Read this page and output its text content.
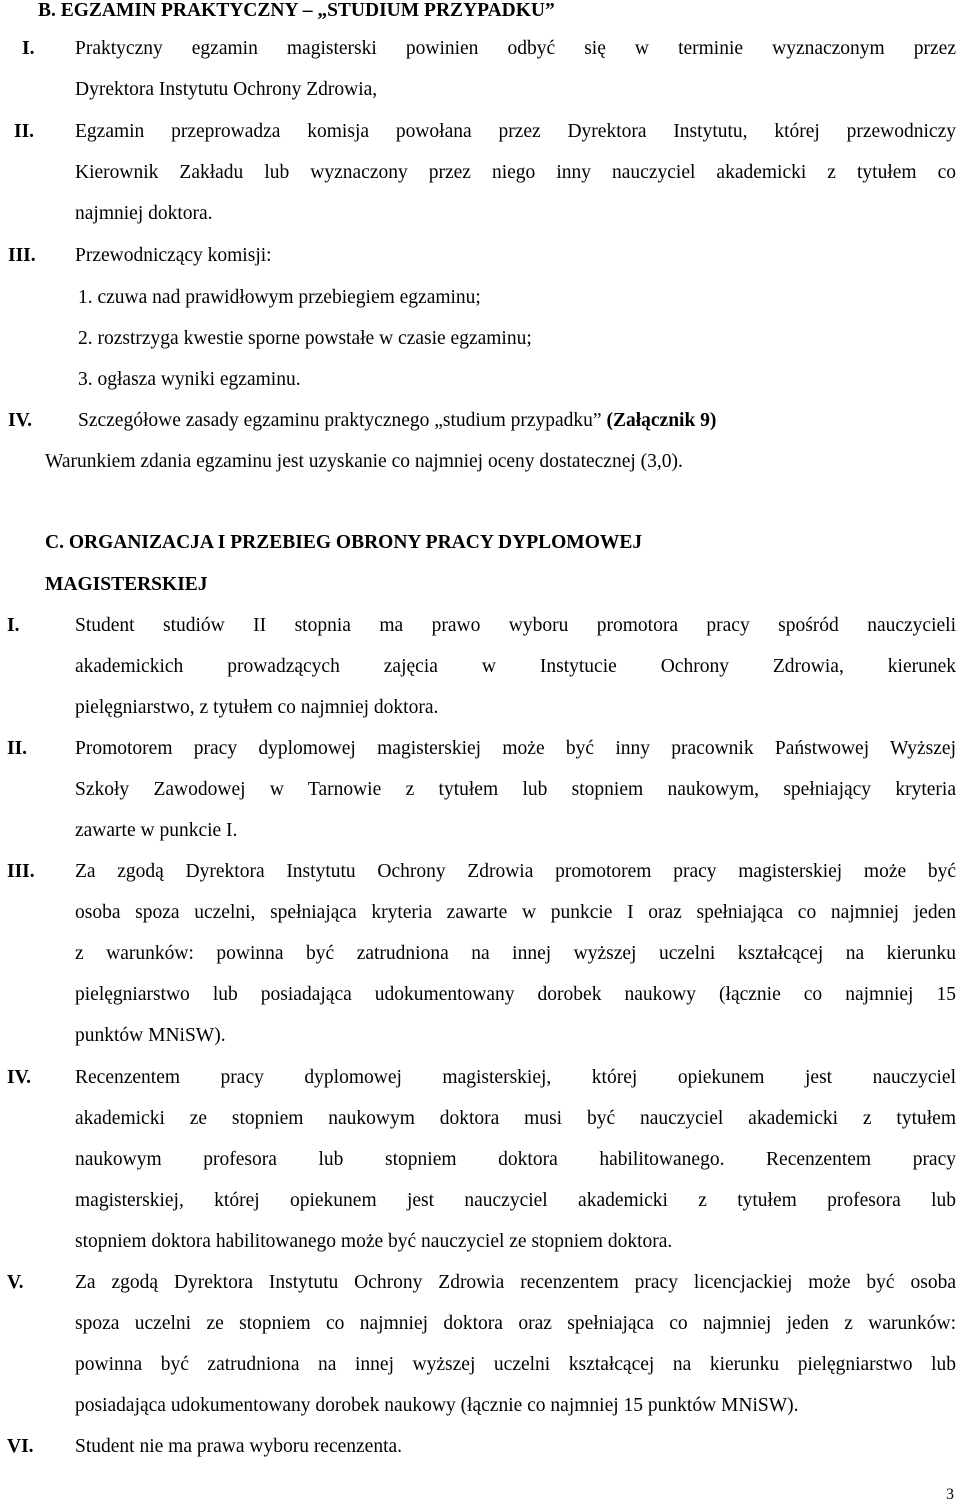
B. EGZAMIN PRAKTYCZNY – „STUDIUM PRZYPADKU”
I. Praktyczny egzamin magisterski powinien odbyć się w terminie wyznaczonym przez
Dyrektora Instytutu Ochrony Zdrowia,
II. Egzamin przeprowadza komisja powołana przez Dyrektora Instytutu, której przewodniczy
Kierownik Zakładu lub wyznaczony przez niego inny nauczyciel akademicki z tytułem co
najmniej doktora.
III. Przewodniczący komisji:
1. czuwa nad prawidłowym przebiegiem egzaminu;
2. rozstrzyga kwestie sporne powstałe w czasie egzaminu;
3. ogłasza wyniki egzaminu.
IV. Szczegółowe zasady egzaminu praktycznego „studium przypadku” (Załącznik 9)
Warunkiem zdania egzaminu jest uzyskanie co najmniej oceny dostatecznej (3,0).
C. ORGANIZACJA I PRZEBIEG OBRONY PRACY DYPLOMOWEJ
MAGISTERSKIEJ
I.	Student studiów II stopnia ma prawo wyboru promotora pracy spośród nauczycieli
akademickich prowadzących zajęcia w Instytucie Ochrony Zdrowia, kierunek
pielęgniarstwo, z tytułem co najmniej doktora.
II. Promotorem pracy dyplomowej magisterskiej może być inny pracownik Państwowej Wyższej
Szkoły Zawodowej w Tarnowie z tytułem lub stopniem naukowym, spełniający kryteria
zawarte w punkcie I.
III. Za zgodą Dyrektora Instytutu Ochrony Zdrowia promotorem pracy magisterskiej może być
osoba spoza uczelni, spełniająca kryteria zawarte w punkcie I oraz spełniająca co najmniej jeden
z warunków: powinna być zatrudniona na innej wyższej uczelni kształcącej na kierunku
pielęgniarstwo lub posiadająca udokumentowany dorobek naukowy (łącznie co najmniej 15
punktów MNiSW).
IV. Recenzentem pracy dyplomowej magisterskiej, której opiekunem jest nauczyciel
akademicki ze stopniem naukowym doktora musi być nauczyciel akademicki z tytułem
naukowym profesora lub stopniem doktora habilitowanego. Recenzentem pracy
magisterskiej, której opiekunem jest nauczyciel akademicki z tytułem profesora lub
stopniem doktora habilitowanego może być nauczyciel ze stopniem doktora.
V.	Za zgodą Dyrektora Instytutu Ochrony Zdrowia recenzentem pracy licencjackiej może być osoba
spoza uczelni ze stopniem co najmniej doktora oraz spełniająca co najmniej jeden z warunków:
powinna być zatrudniona na innej wyższej uczelni kształcącej na kierunku pielęgniarstwo lub
posiadająca udokumentowany dorobek naukowy (łącznie co najmniej 15 punktów MNiSW).
VI. Student nie ma prawa wyboru recenzenta.
3
